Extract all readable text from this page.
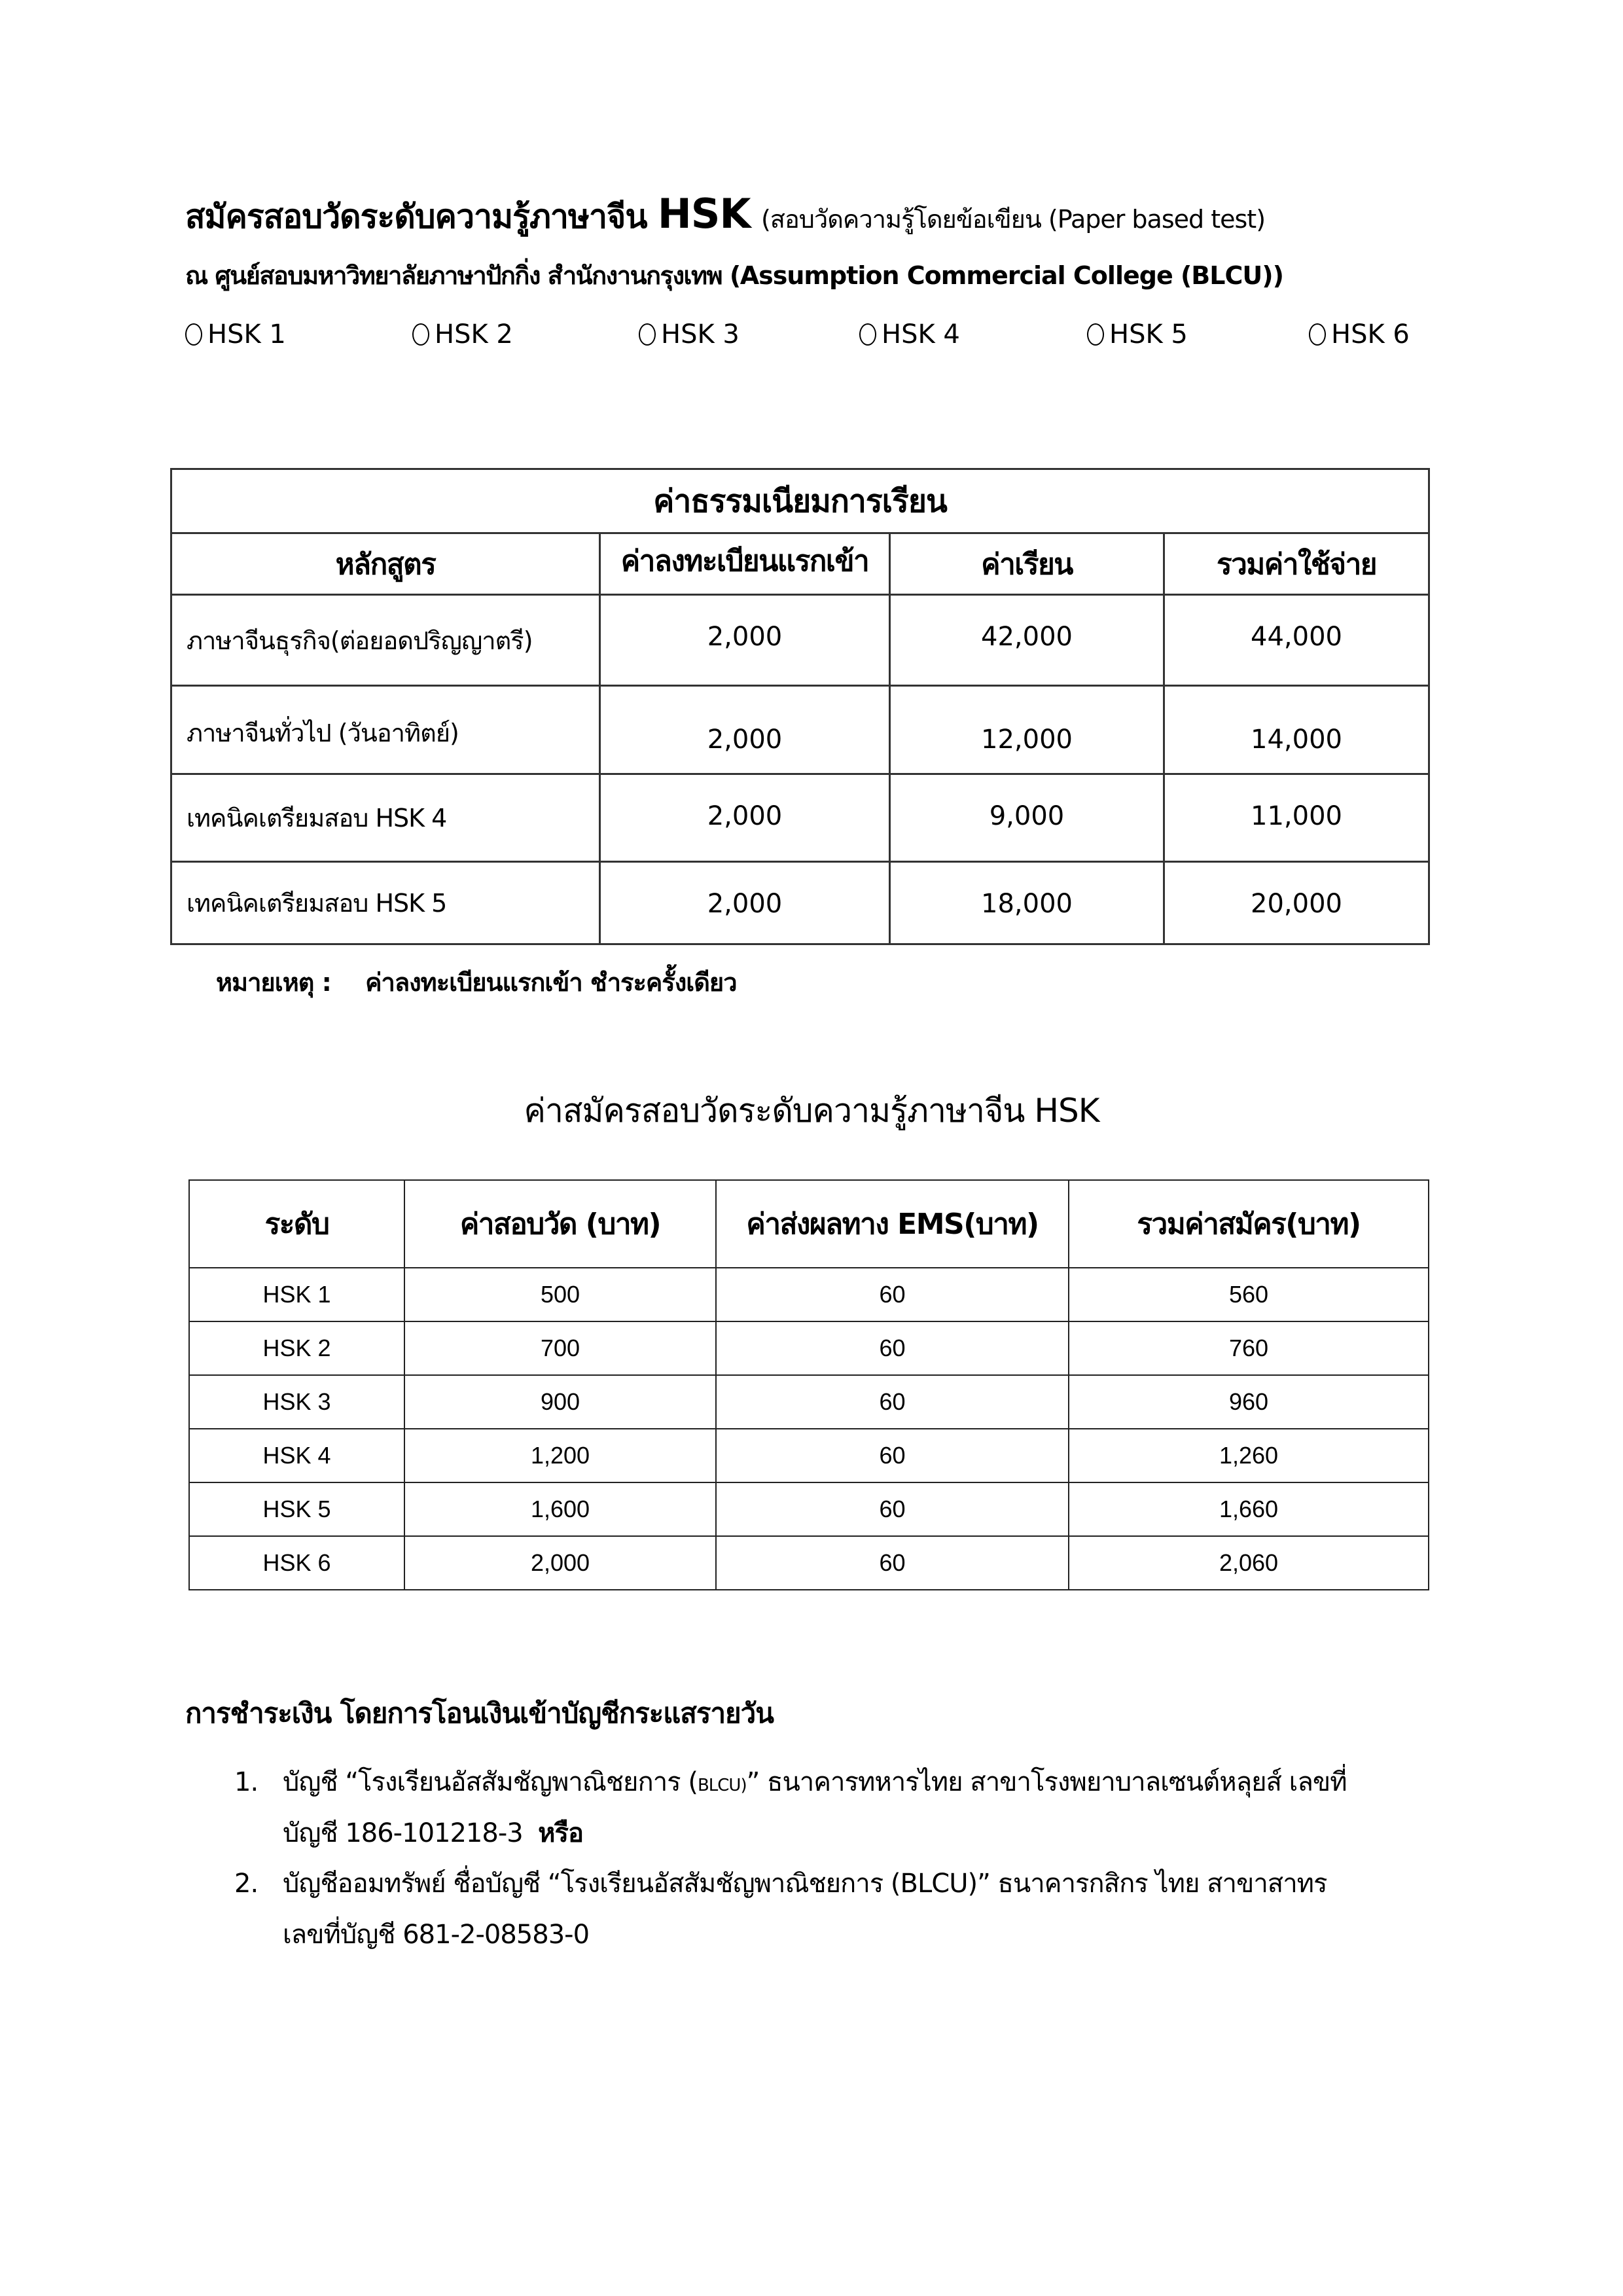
สมัครสอบวัดระดับความรู้ภาษาจีน HSK (สอบวัดความรู้โดยข้อเขียน (Paper based test)
ณ ศูนย์สอบมหาวิทยาลัยภาษาปักกิ่ง สำนักงานกรุงเทพ (Assumption Commercial College (BLCU))
HSK 1	HSK 2	HSK 3	HSK 4	HSK 5	HSK 6
ค่าธรรมเนียมการเรียน			
หลักสูตร	ค่าลงทะเบียนแรกเข้า	ค่าเรียน	รวมค่าใช้จ่าย
ภาษาจีนธุรกิจ(ต่อยอดปริญญาตรี)	2,000	42,000	44,000
ภาษาจีนทั่วไป (วันอาทิตย์)	2,000	12,000	14,000
เทคนิคเตรียมสอบ HSK 4	2,000	9,000	11,000
เทคนิคเตรียมสอบ HSK 5	2,000	18,000	20,000
หมายเหตุ : ค่าลงทะเบียนแรกเข้า ชำระครั้งเดียว
ค่าสมัครสอบวัดระดับความรู้ภาษาจีน HSK
ระดับ	ค่าสอบวัด (บาท)	ค่าส่งผลทาง EMS(บาท)	รวมค่าสมัคร(บาท)
HSK 1	500	60	560
HSK 2	700	60	760
HSK 3	900	60	960
HSK 4	1,200	60	1,260
HSK 5	1,600	60	1,660
HSK 6	2,000	60	2,060
การชำระเงิน โดยการโอนเงินเข้าบัญชีกระแสรายวัน
1. บัญชี “โรงเรียนอัสสัมชัญพาณิชยการ (BLCU)” ธนาคารทหารไทย สาขาโรงพยาบาลเซนต์หลุยส์ เลขที่
บัญชี 186-101218-3 หรือ
2. บัญชีออมทรัพย์ ชื่อบัญชี “โรงเรียนอัสสัมชัญพาณิชยการ (BLCU)” ธนาคารกสิกร ไทย สาขาสาทร
เลขที่บัญชี 681-2-08583-0
